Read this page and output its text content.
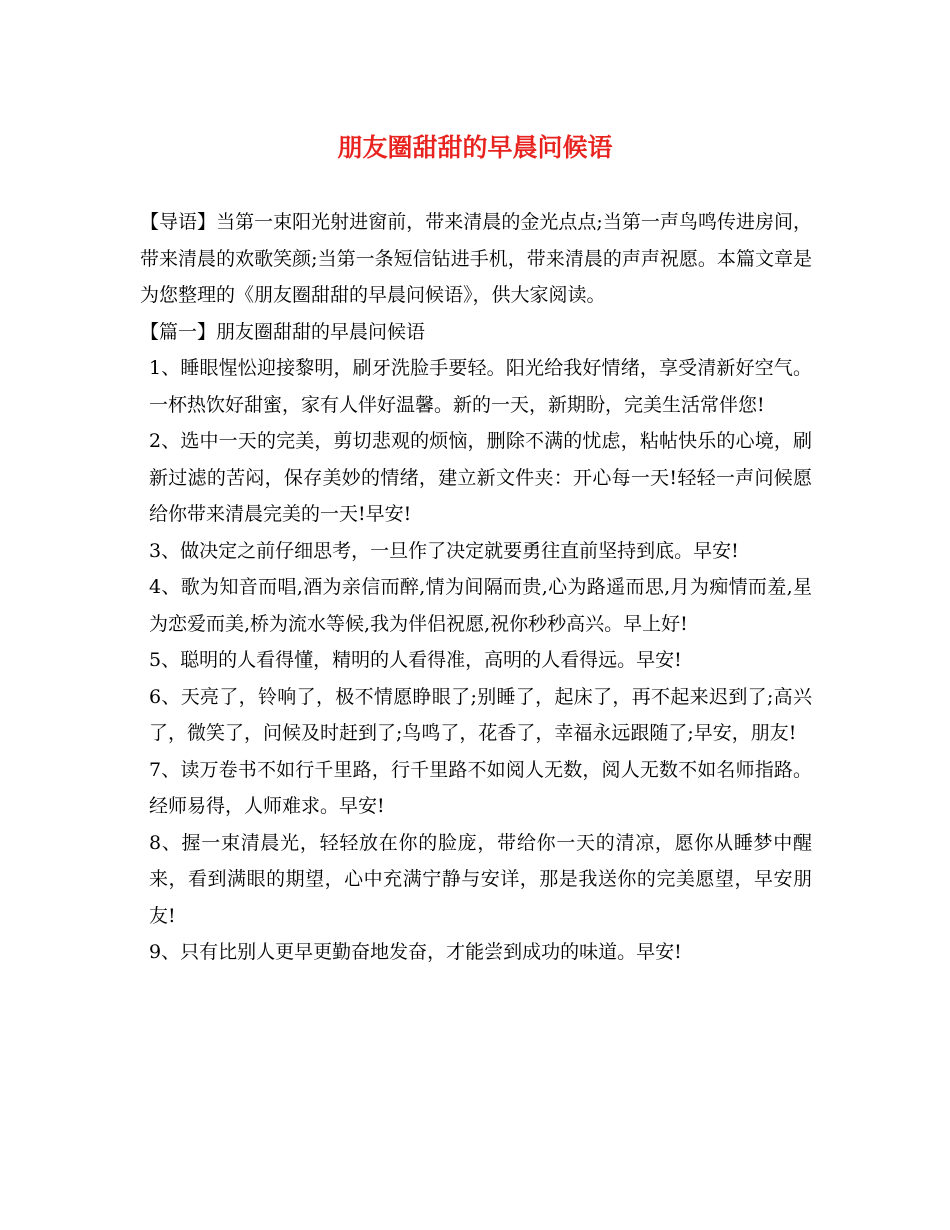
朋友圈甜甜的早晨问候语

【导语】当第一束阳光射进窗前，带来清晨的金光点点;当第一声鸟鸣传进房间，带来清晨的欢歌笑颜;当第一条短信钻进手机，带来清晨的声声祝愿。本篇文章是为您整理的《朋友圈甜甜的早晨问候语》，供大家阅读。

【篇一】朋友圈甜甜的早晨问候语

1、睡眼惺忪迎接黎明，刷牙洗脸手要轻。阳光给我好情绪，享受清新好空气。一杯热饮好甜蜜，家有人伴好温馨。新的一天，新期盼，完美生活常伴您!

2、选中一天的完美，剪切悲观的烦恼，删除不满的忧虑，粘帖快乐的心境，刷新过滤的苦闷，保存美妙的情绪，建立新文件夹：开心每一天!轻轻一声问候愿给你带来清晨完美的一天!早安!

3、做决定之前仔细思考，一旦作了决定就要勇往直前坚持到底。早安!

4、歌为知音而唱,酒为亲信而醉,情为间隔而贵,心为路遥而思,月为痴情而羞,星为恋爱而美,桥为流水等候,我为伴侣祝愿,祝你秒秒高兴。早上好!

5、聪明的人看得懂，精明的人看得准，高明的人看得远。早安!

6、天亮了，铃响了，极不情愿睁眼了;别睡了，起床了，再不起来迟到了;高兴了，微笑了，问候及时赶到了;鸟鸣了，花香了，幸福永远跟随了;早安，朋友!

7、读万卷书不如行千里路，行千里路不如阅人无数，阅人无数不如名师指路。经师易得，人师难求。早安!

8、握一束清晨光，轻轻放在你的脸庞，带给你一天的清凉，愿你从睡梦中醒来，看到满眼的期望，心中充满宁静与安详，那是我送你的完美愿望，早安朋友!

9、只有比别人更早更勤奋地发奋，才能尝到成功的味道。早安!
